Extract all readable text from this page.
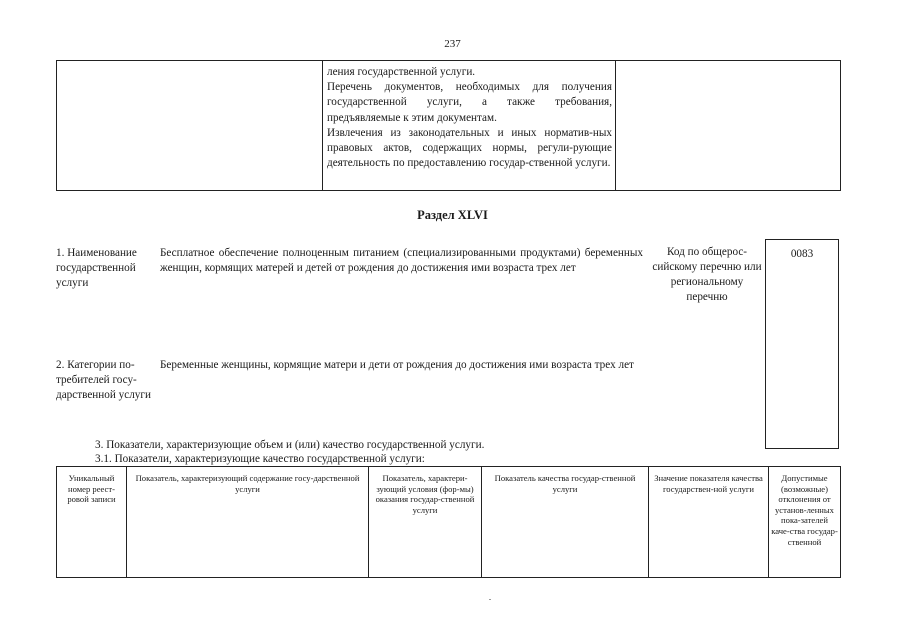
237

ления государственной услуги.

Перечень документов, необходимых для получения государственной услуги, а также требования, предъявляемые к этим документам.

Извлечения из законодательных и иных норматив-ных правовых актов, содержащих нормы, регули-рующие деятельность по предоставлению государ-ственной услуги.

Раздел XLVI
1. Наименование государственной услуги
Бесплатное обеспечение полноценным питанием (специализированными продуктами) беременных женщин, кормящих матерей и детей от рождения до достижения ими возраста трех лет
Код по общерос-сийскому перечню или региональному перечню
0083
2. Категории по-требителей госу-дарственной услуги
Беременные женщины, кормящие матери и дети от рождения до достижения ими возраста трех лет
3. Показатели, характеризующие объем и (или) качество государственной услуги.
3.1. Показатели, характеризующие качество государственной услуги:
Уникальный номер реест-ровой записи	Показатель, характеризующий содержание госу-дарственной услуги	Показатель, характери-зующий условия (фор-мы) оказания государ-ственной услуги	Показатель качества государ-ственной услуги	Значение показателя качества государствен-ной услуги	Допустимые (возможные) отклонения от установ-ленных пока-зателей каче-ства государ-ственной
